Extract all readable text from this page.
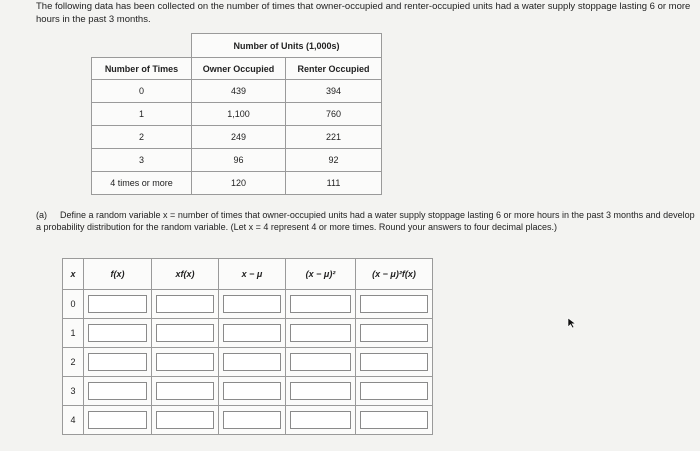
The following data has been collected on the number of times that owner-occupied and renter-occupied units had a water supply stoppage lasting 6 or more hours in the past 3 months.
	Number of Units (1,000s)	
Number of Times	Owner Occupied	Renter Occupied
0	439	394
1	1,100	760
2	249	221
3	96	92
4 times or more	120	111
(a) Define a random variable x = number of times that owner-occupied units had a water supply stoppage lasting 6 or more hours in the past 3 months and develop a probability distribution for the random variable. (Let x = 4 represent 4 or more times. Round your answers to four decimal places.)
x	f(x)	xf(x)	x − μ	(x − μ)²	(x − μ)²f(x)
0	

1	

2	

3	

4	
